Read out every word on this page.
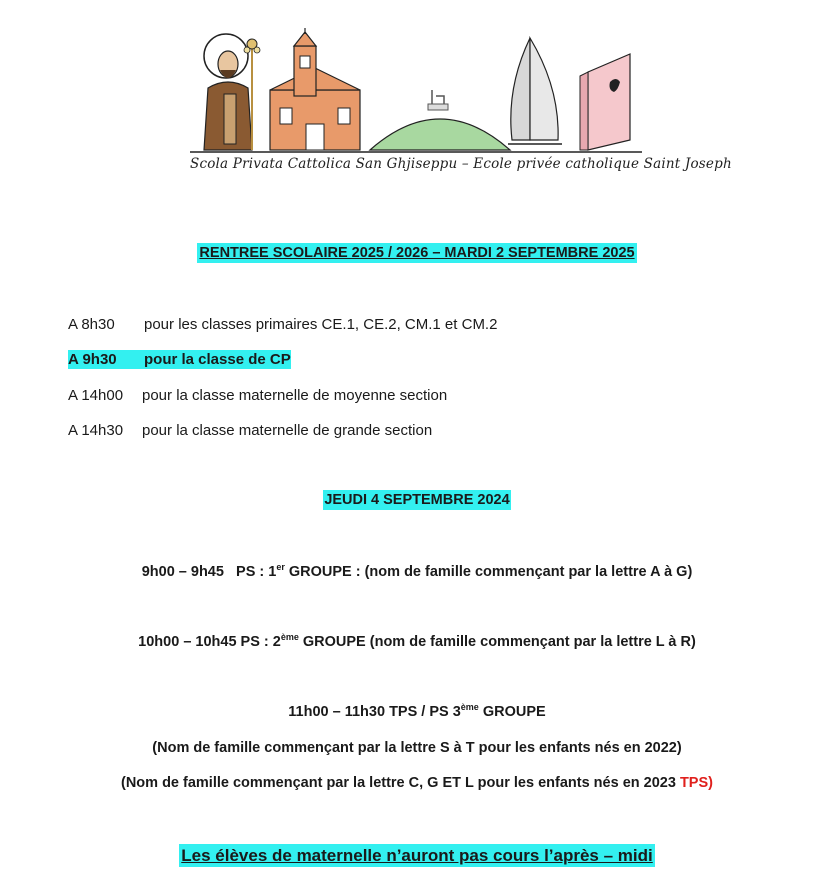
Scola Privata Cattolica San Ghjiseppu – Ecole privée catholique Saint Joseph
RENTREE SCOLAIRE 2025 / 2026 – MARDI 2 SEPTEMBRE 2025
A 8h30 pour les classes primaires CE.1, CE.2, CM.1 et CM.2
A 9h30 pour la classe de CP
A 14h00 pour la classe maternelle de moyenne section
A 14h30 pour la classe maternelle de grande section
JEUDI 4 SEPTEMBRE 2024
9h00 – 9h45   PS : 1er GROUPE : (nom de famille commençant par la lettre A à G)
10h00 – 10h45 PS : 2ème GROUPE (nom de famille commençant par la lettre L à R)
11h00 – 11h30 TPS / PS 3ème GROUPE
(Nom de famille commençant par la lettre S à T pour les enfants nés en 2022)
(Nom de famille commençant par la lettre C, G ET L pour les enfants nés en 2023 TPS)
Les élèves de maternelle n’auront pas cours l’après – midi
